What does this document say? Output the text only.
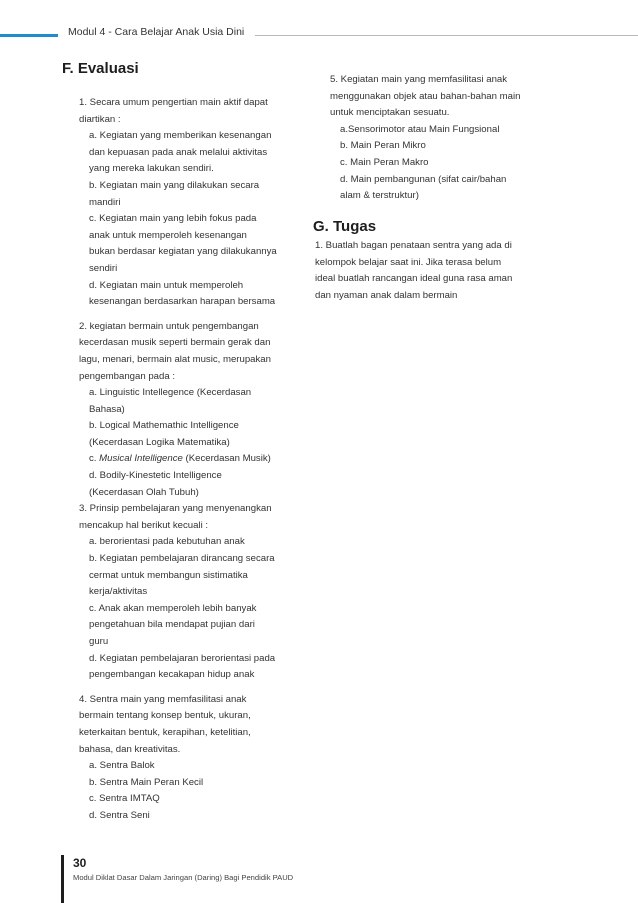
Modul 4 - Cara Belajar Anak Usia Dini
F. Evaluasi
1. Secara umum pengertian main aktif dapat
diartikan :
a. Kegiatan yang memberikan kesenangan
dan kepuasan pada anak melalui aktivitas
yang mereka lakukan sendiri.
b. Kegiatan main yang dilakukan secara
mandiri
c. Kegiatan main yang lebih fokus pada
anak untuk memperoleh kesenangan
bukan berdasar kegiatan yang dilakukannya
sendiri
d. Kegiatan main untuk memperoleh
kesenangan berdasarkan harapan bersama
2. kegiatan bermain untuk pengembangan
kecerdasan musik seperti bermain gerak dan
lagu, menari, bermain alat music, merupakan
pengembangan pada :
a. Linguistic Intellegence (Kecerdasan
Bahasa)
b. Logical Mathemathic Intelligence
(Kecerdasan Logika Matematika)
c. Musical Intelligence (Kecerdasan Musik)
d. Bodily-Kinestetic Intelligence
(Kecerdasan Olah Tubuh)
3. Prinsip pembelajaran yang menyenangkan
mencakup hal berikut kecuali :
a. berorientasi pada kebutuhan anak
b. Kegiatan pembelajaran dirancang secara
cermat untuk membangun sistimatika
kerja/aktivitas
c. Anak akan memperoleh lebih banyak
pengetahuan bila mendapat pujian dari
guru
d. Kegiatan pembelajaran berorientasi pada
pengembangan kecakapan hidup anak
4. Sentra main yang memfasilitasi anak
bermain tentang konsep bentuk, ukuran,
keterkaitan bentuk, kerapihan, ketelitian,
bahasa, dan kreativitas.
a. Sentra Balok
b. Sentra Main Peran Kecil
c. Sentra IMTAQ
d. Sentra Seni
5. Kegiatan main yang memfasilitasi anak
menggunakan objek atau bahan-bahan main
untuk menciptakan sesuatu.
a.Sensorimotor atau Main Fungsional
b. Main Peran Mikro
c. Main Peran Makro
d. Main pembangunan (sifat cair/bahan
alam & terstruktur)
G. Tugas
1. Buatlah bagan penataan sentra yang ada di
kelompok belajar saat ini. Jika terasa belum
ideal buatlah rancangan ideal guna rasa aman
dan nyaman anak dalam bermain
30
Modul Diklat Dasar Dalam Jaringan (Daring) Bagi Pendidik PAUD
